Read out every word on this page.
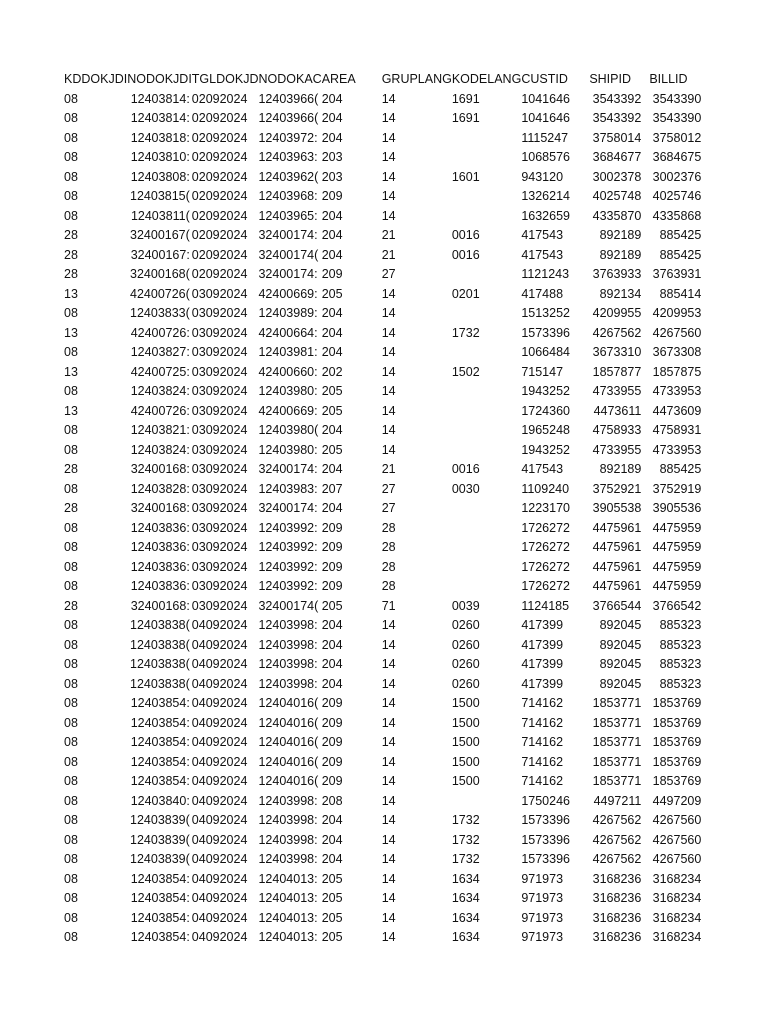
KDDOKJDI	NODOKJDI	TGLDOKJD	NODOKAC	AREA	GRUPLANG	KODELANG	CUSTID	SHIPID	BILLID
08	12403814:	02092024	12403966(	204	14	1691	1041646	3543392	3543390
08	12403814:	02092024	12403966(	204	14	1691	1041646	3543392	3543390
08	12403818:	02092024	12403972:	204	14		1115247	3758014	3758012
08	12403810:	02092024	12403963:	203	14		1068576	3684677	3684675
08	12403808:	02092024	12403962(	203	14	1601	943120	3002378	3002376
08	12403815(	02092024	12403968:	209	14		1326214	4025748	4025746
08	12403811(	02092024	12403965:	204	14		1632659	4335870	4335868
28	32400167(	02092024	32400174:	204	21	0016	417543	892189	885425
28	32400167:	02092024	32400174(	204	21	0016	417543	892189	885425
28	32400168(	02092024	32400174:	209	27		1121243	3763933	3763931
13	42400726(	03092024	42400669:	205	14	0201	417488	892134	885414
08	12403833(	03092024	12403989:	204	14		1513252	4209955	4209953
13	42400726:	03092024	42400664:	204	14	1732	1573396	4267562	4267560
08	12403827:	03092024	12403981:	204	14		1066484	3673310	3673308
13	42400725:	03092024	42400660:	202	14	1502	715147	1857877	1857875
08	12403824:	03092024	12403980:	205	14		1943252	4733955	4733953
13	42400726:	03092024	42400669:	205	14		1724360	4473611	4473609
08	12403821:	03092024	12403980(	204	14		1965248	4758933	4758931
08	12403824:	03092024	12403980:	205	14		1943252	4733955	4733953
28	32400168:	03092024	32400174:	204	21	0016	417543	892189	885425
08	12403828:	03092024	12403983:	207	27	0030	1109240	3752921	3752919
28	32400168:	03092024	32400174:	204	27		1223170	3905538	3905536
08	12403836:	03092024	12403992:	209	28		1726272	4475961	4475959
08	12403836:	03092024	12403992:	209	28		1726272	4475961	4475959
08	12403836:	03092024	12403992:	209	28		1726272	4475961	4475959
08	12403836:	03092024	12403992:	209	28		1726272	4475961	4475959
28	32400168:	03092024	32400174(	205	71	0039	1124185	3766544	3766542
08	12403838(	04092024	12403998:	204	14	0260	417399	892045	885323
08	12403838(	04092024	12403998:	204	14	0260	417399	892045	885323
08	12403838(	04092024	12403998:	204	14	0260	417399	892045	885323
08	12403838(	04092024	12403998:	204	14	0260	417399	892045	885323
08	12403854:	04092024	12404016(	209	14	1500	714162	1853771	1853769
08	12403854:	04092024	12404016(	209	14	1500	714162	1853771	1853769
08	12403854:	04092024	12404016(	209	14	1500	714162	1853771	1853769
08	12403854:	04092024	12404016(	209	14	1500	714162	1853771	1853769
08	12403854:	04092024	12404016(	209	14	1500	714162	1853771	1853769
08	12403840:	04092024	12403998:	208	14		1750246	4497211	4497209
08	12403839(	04092024	12403998:	204	14	1732	1573396	4267562	4267560
08	12403839(	04092024	12403998:	204	14	1732	1573396	4267562	4267560
08	12403839(	04092024	12403998:	204	14	1732	1573396	4267562	4267560
08	12403854:	04092024	12404013:	205	14	1634	971973	3168236	3168234
08	12403854:	04092024	12404013:	205	14	1634	971973	3168236	3168234
08	12403854:	04092024	12404013:	205	14	1634	971973	3168236	3168234
08	12403854:	04092024	12404013:	205	14	1634	971973	3168236	3168234
